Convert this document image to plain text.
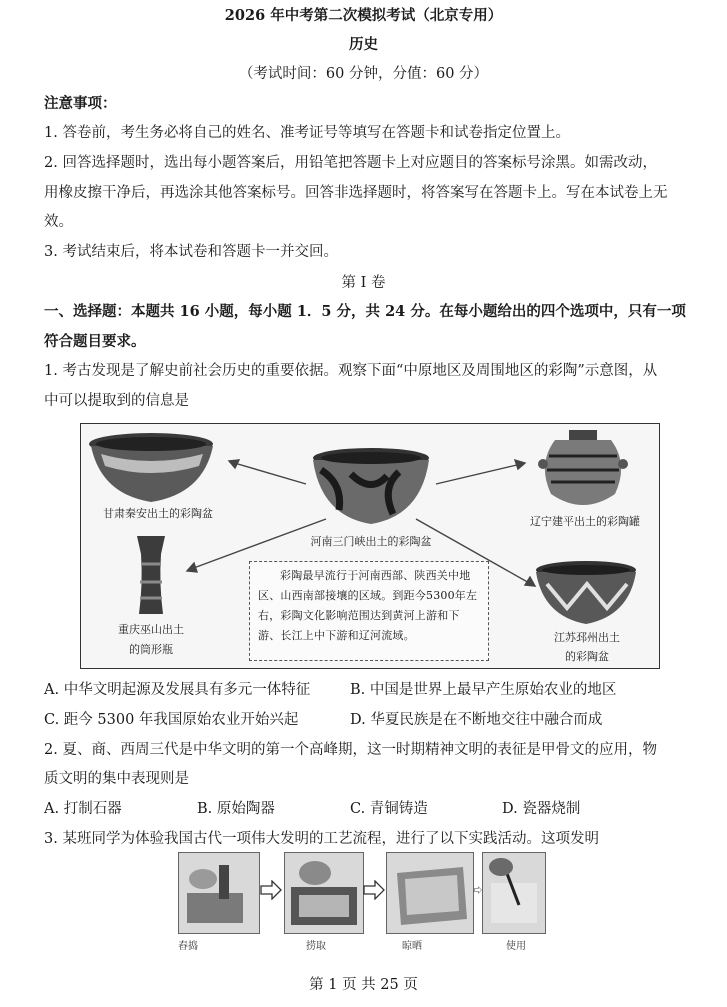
2026 年中考第二次模拟考试（北京专用）
历史
（考试时间：60 分钟，分值：60 分）
注意事项：
1. 答卷前，考生务必将自己的姓名、准考证号等填写在答题卡和试卷指定位置上。
2. 回答选择题时，选出每小题答案后，用铅笔把答题卡上对应题目的答案标号涂黑。如需改动，
用橡皮擦干净后，再选涂其他答案标号。回答非选择题时，将答案写在答题卡上。写在本试卷上无
效。
3. 考试结束后，将本试卷和答题卡一并交回。
第 I 卷
一、选择题：本题共 16 小题，每小题 1．5 分，共 24 分。在每小题给出的四个选项中，只有一项
符合题目要求。
1. 考古发现是了解史前社会历史的重要依据。观察下面“中原地区及周围地区的彩陶”示意图，从
中可以提取到的信息是
甘肃秦安出土的彩陶盆
河南三门峡出土的彩陶盆
辽宁建平出土的彩陶罐
重庆巫山出土
的筒形瓶
江苏邳州出土
的彩陶盆
彩陶最早流行于河南西部、陕西关中地区、山西南部接壤的区域。到距今5300年左右，彩陶文化影响范围达到黄河上游和下游、长江上中下游和辽河流域。
A. 中华文明起源及发展具有多元一体特征	B. 中国是世界上最早产生原始农业的地区
C. 距今 5300 年我国原始农业开始兴起	D. 华夏民族是在不断地交往中融合而成
2. 夏、商、西周三代是中华文明的第一个高峰期，这一时期精神文明的表征是甲骨文的应用，物
质文明的集中表现则是
A. 打制石器	B. 原始陶器	C. 青铜铸造	D. 瓷器烧制
3. 某班同学为体验我国古代一项伟大发明的工艺流程，进行了以下实践活动。这项发明
舂捣	捞取	晾晒	使用
第 1 页 共 25 页
